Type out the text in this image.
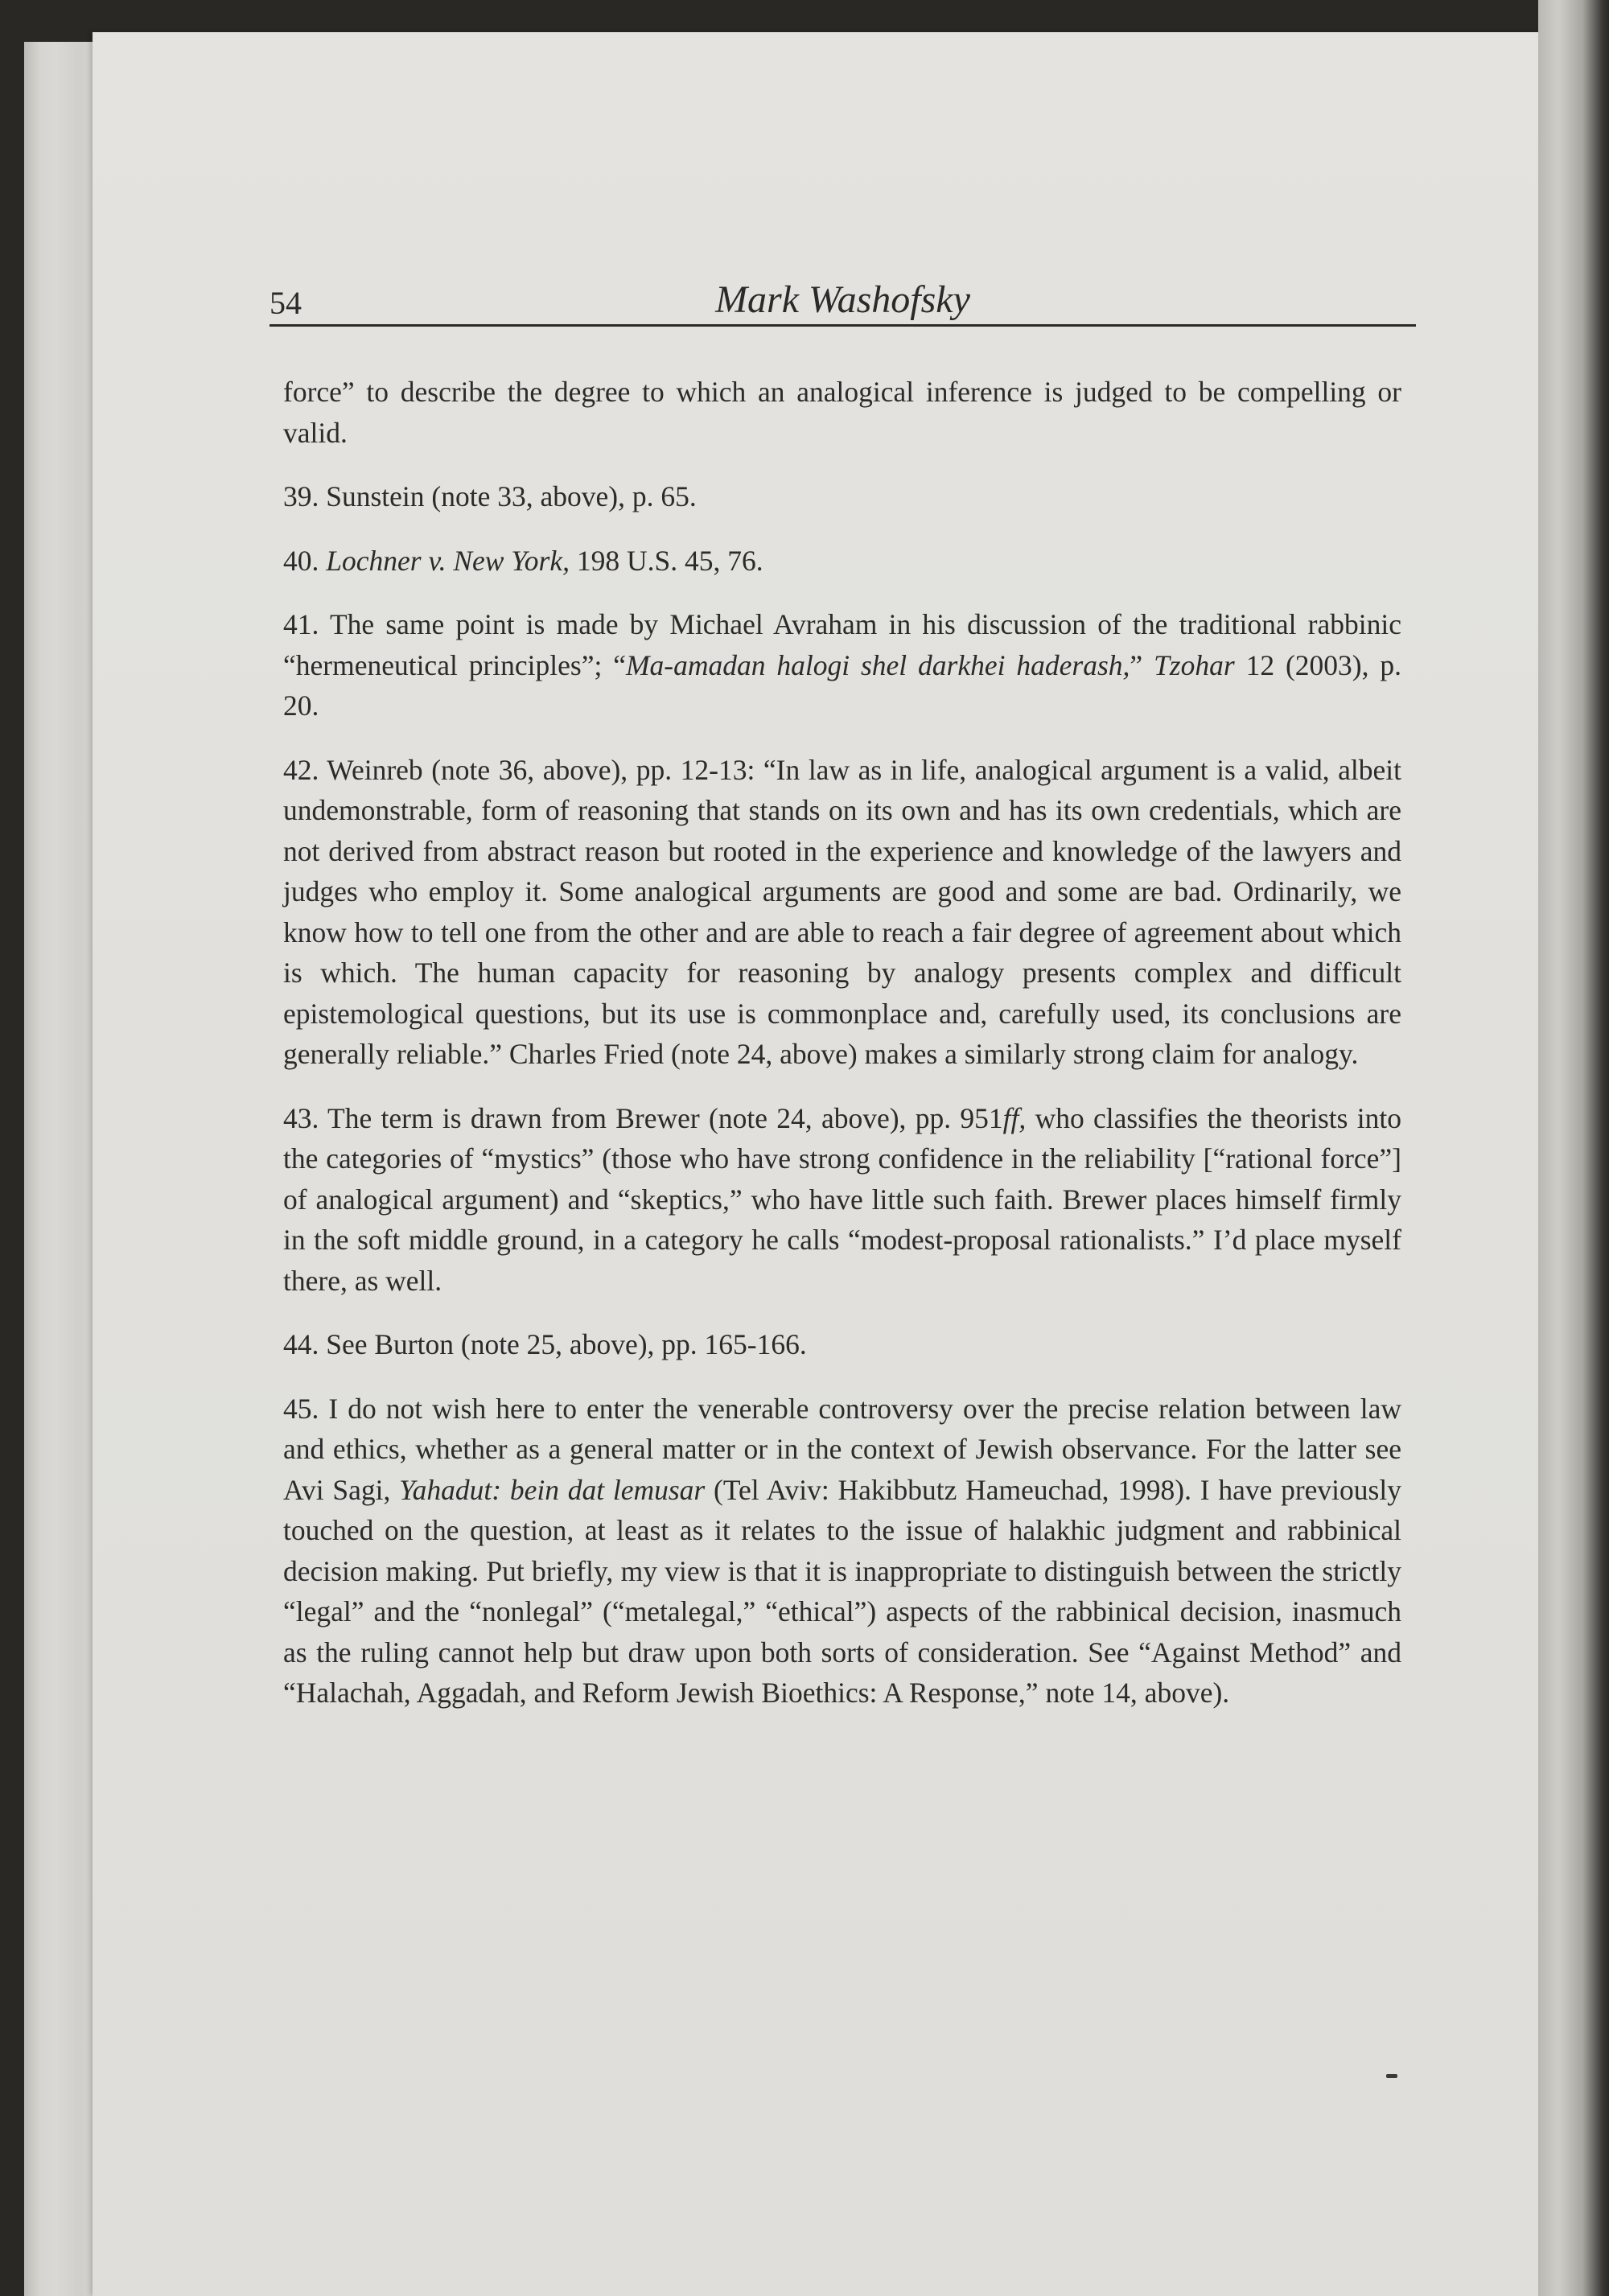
54	Mark Washofsky

force” to describe the degree to which an analogical inference is judged to be compelling or valid.

39. Sunstein (note 33, above), p. 65.

40. Lochner v. New York, 198 U.S. 45, 76.

41. The same point is made by Michael Avraham in his discussion of the traditional rabbinic “hermeneutical principles”; “Ma-amadan halogi shel darkhei haderash,” Tzohar 12 (2003), p. 20.

42. Weinreb (note 36, above), pp. 12-13: “In law as in life, analogical argument is a valid, albeit undemonstrable, form of reasoning that stands on its own and has its own credentials, which are not derived from abstract reason but rooted in the experience and knowledge of the lawyers and judges who employ it. Some analogical arguments are good and some are bad. Ordinarily, we know how to tell one from the other and are able to reach a fair degree of agreement about which is which. The human capacity for reasoning by analogy presents complex and difficult epistemological questions, but its use is commonplace and, carefully used, its conclusions are generally reliable.” Charles Fried (note 24, above) makes a similarly strong claim for analogy.

43. The term is drawn from Brewer (note 24, above), pp. 951ff, who classifies the theorists into the categories of “mystics” (those who have strong confidence in the reliability [“rational force”] of analogical argument) and “skeptics,” who have little such faith. Brewer places himself firmly in the soft middle ground, in a category he calls “modest-proposal rationalists.” I’d place myself there, as well.

44. See Burton (note 25, above), pp. 165-166.

45. I do not wish here to enter the venerable controversy over the precise relation between law and ethics, whether as a general matter or in the context of Jewish observance. For the latter see Avi Sagi, Yahadut: bein dat lemusar (Tel Aviv: Hakibbutz Hameuchad, 1998). I have previously touched on the question, at least as it relates to the issue of halakhic judgment and rabbinical decision making. Put briefly, my view is that it is inappropriate to distinguish between the strictly “legal” and the “nonlegal” (“metalegal,” “ethical”) aspects of the rabbinical decision, inasmuch as the ruling cannot help but draw upon both sorts of consideration. See “Against Method” and “Halachah, Aggadah, and Reform Jewish Bioethics: A Response,” note 14, above).
